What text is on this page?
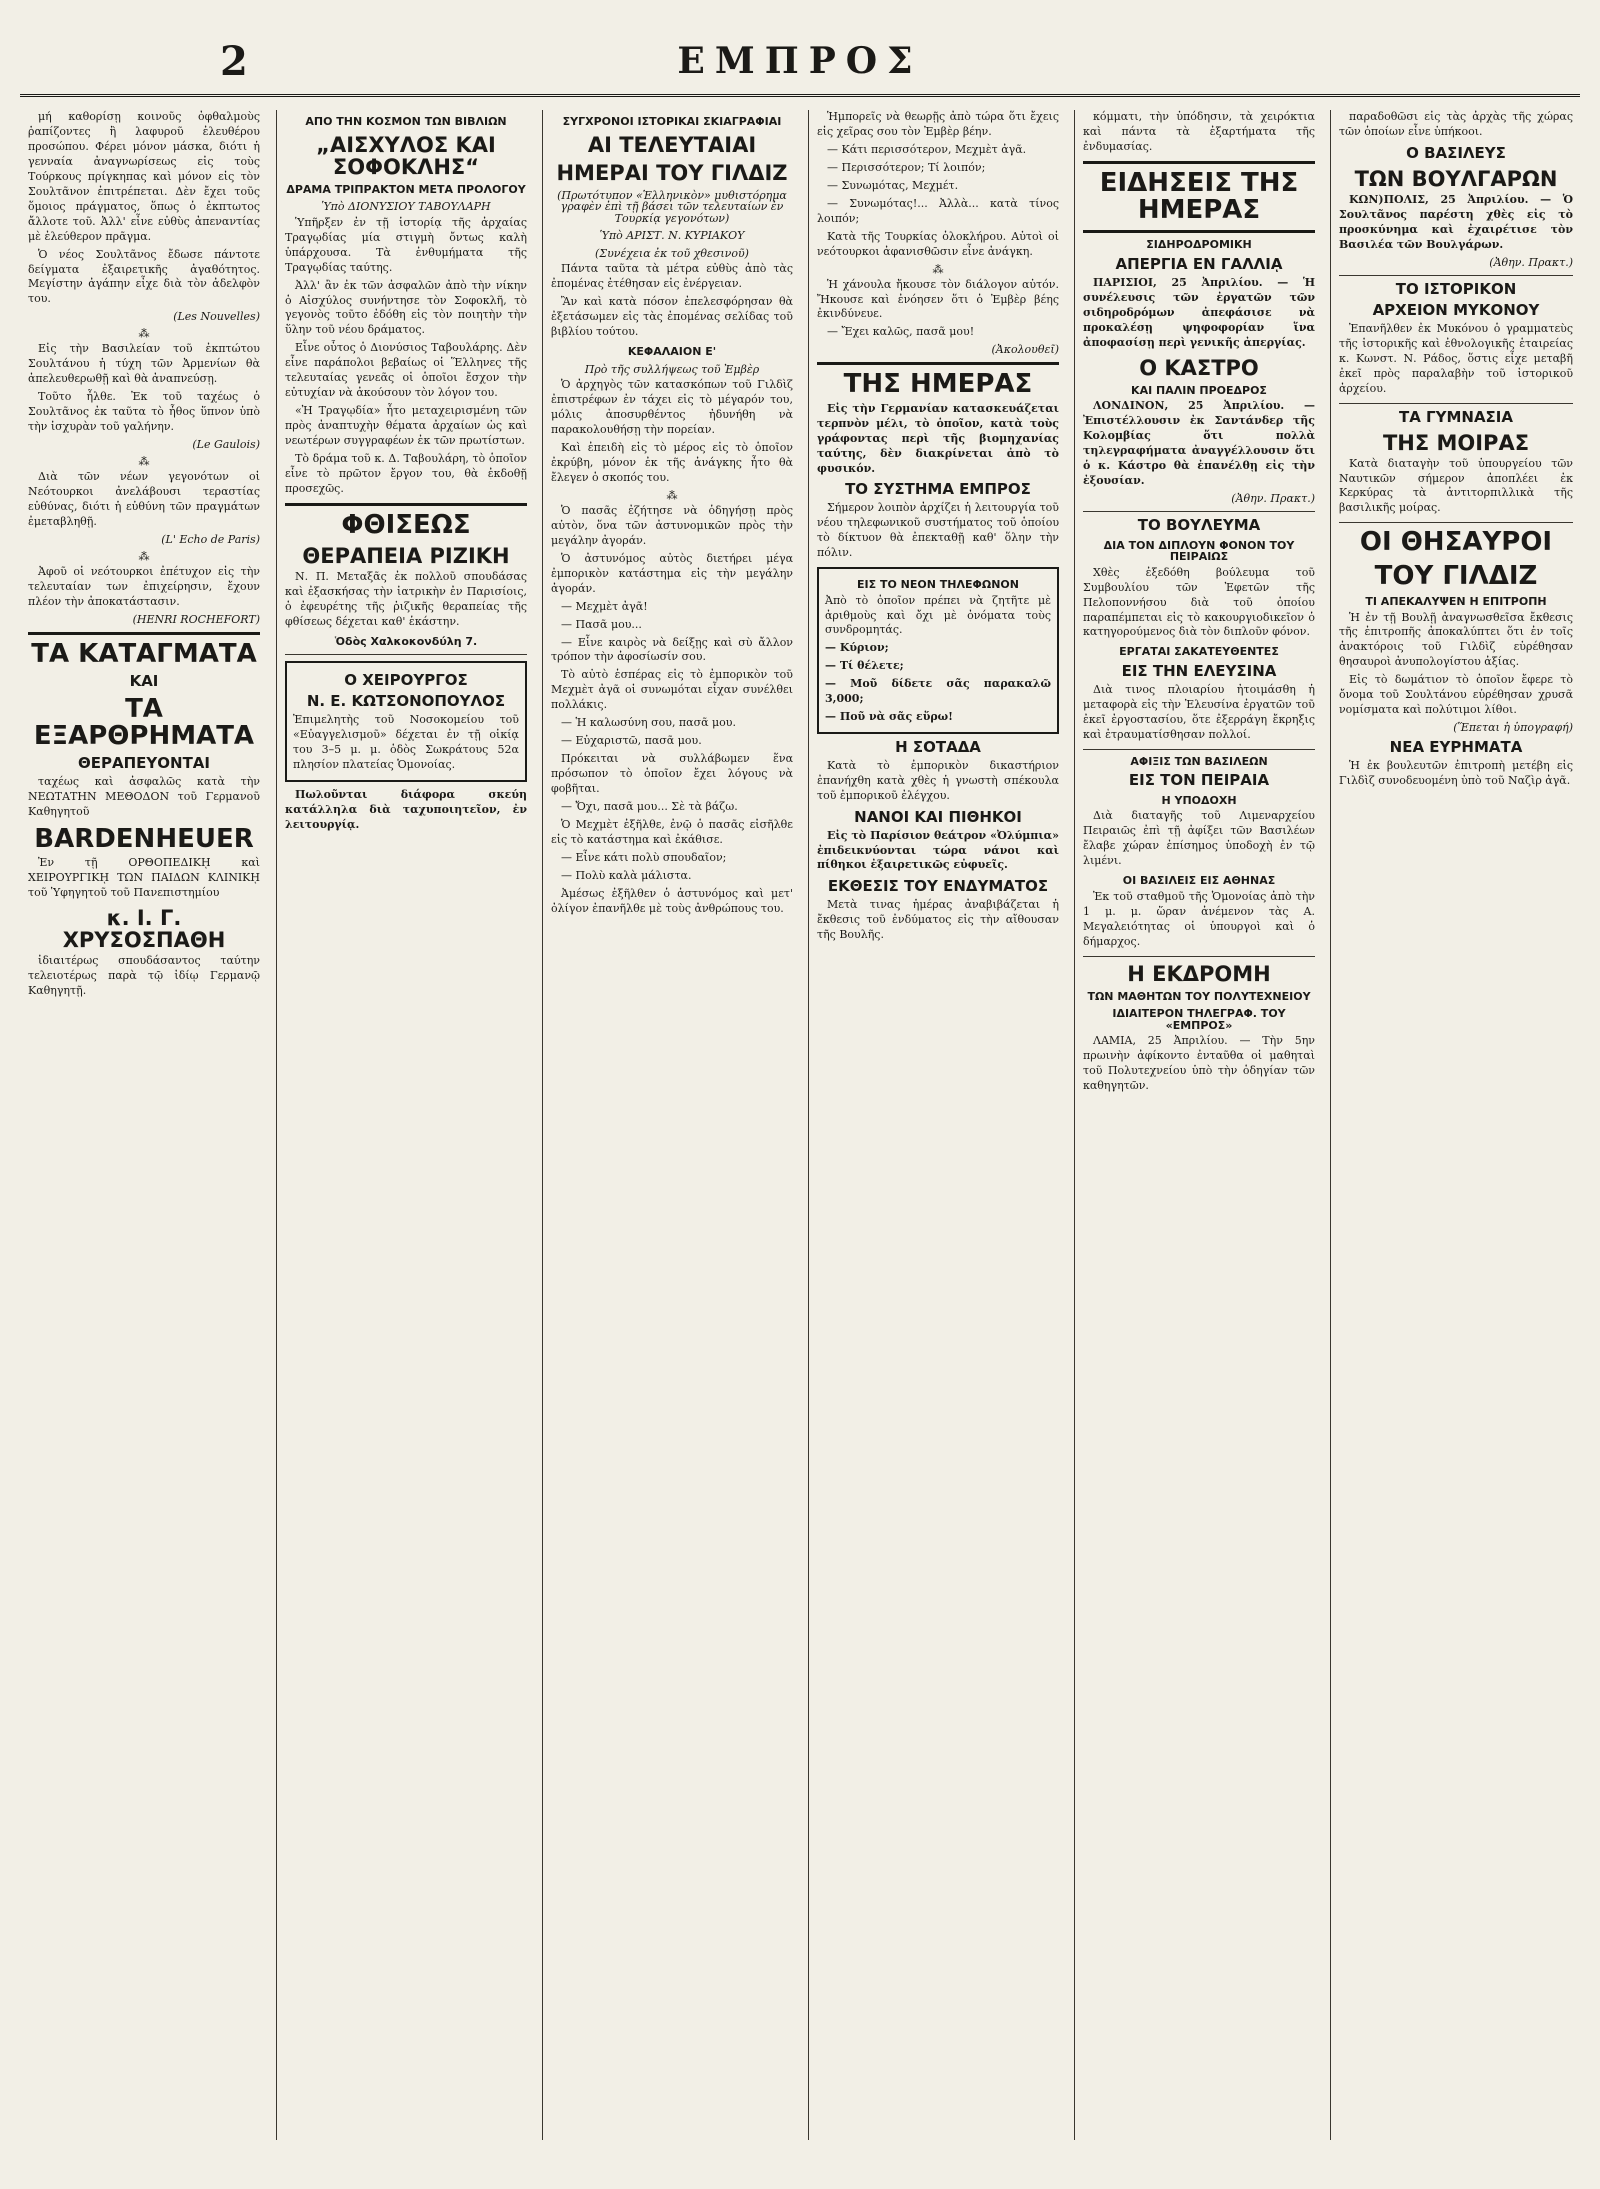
2	ΕΜΠΡΟΣ

μή καθορίσῃ κοινοῦς ὀφθαλμοὺς ῥαπίζοντες ἢ λαφυροῦ ἐλευθέρου προσώπου. Φέρει μόνον μάσκα, διότι ἡ γενναία ἀναγνωρίσεως εἰς τοὺς Τούρκους πρίγκηπας καὶ μόνον εἰς τὸν Σουλτᾶνον ἐπιτρέπεται. Δὲν ἔχει τοῦς ὅμοιος πράγματος, ὅπως ὁ ἐκπτωτος ἄλλοτε τοῦ. Ἀλλ' εἶνε εὐθὺς ἀπεναντίας μὲ ἐλεύθερον πρᾶγμα.

Ὁ νέος Σουλτᾶνος ἔδωσε πάντοτε δείγματα ἐξαιρετικῆς ἀγαθότητος. Μεγίστην ἀγάπην εἶχε διὰ τὸν ἀδελφὸν του.

(Les Nouvelles)
⁂

Εἰς τὴν Βασιλείαν τοῦ ἐκπτώτου Σουλτάνου ἡ τύχη τῶν Ἀρμενίων θὰ ἀπελευθερωθῇ καὶ θὰ ἀναπνεύσῃ.

Τοῦτο ἦλθε. Ἐκ τοῦ ταχέως ὁ Σουλτᾶνος ἐκ ταῦτα τὸ ἦθος ὕπνον ὑπὸ τὴν ἰσχυρὰν τοῦ γαλήνην.

(Le Gaulois)
⁂

Διὰ τῶν νέων γεγονότων οἱ Νεότουρκοι ἀνελάβουσι τεραστίας εὐθύνας, διότι ἡ εὐθύνη τῶν πραγμάτων ἐμεταβληθῇ.

(L' Echo de Paris)
⁂

Ἀφοῦ οἱ νεότουρκοι ἐπέτυχον εἰς τὴν τελευταίαν των ἐπιχείρησιν, ἔχουν πλέον τὴν ἀποκατάστασιν.

(HENRI ROCHEFORT)
ΤΑ ΚΑΤΑΓΜΑΤΑ
ΚΑΙ
ΤΑ ΕΞΑΡΘΡΗΜΑΤΑ
ΘΕΡΑΠΕΥΟΝΤΑΙ

ταχέως καὶ ἀσφαλῶς κατὰ τὴν ΝΕΩΤΑΤΗΝ ΜΕΘΟΔΟΝ τοῦ Γερμανοῦ Καθηγητοῦ

BARDENHEUER

Ἐν τῇ ΟΡΘΟΠΕΔΙΚῌ καὶ ΧΕΙΡΟΥΡΓΙΚῌ ΤΩΝ ΠΑΙΔΩΝ ΚΛΙΝΙΚῌ τοῦ Ὑφηγητοῦ τοῦ Πανεπιστημίου

κ. Ι. Γ. ΧΡΥΣΟΣΠΑΘΗ

ἰδιαιτέρως σπουδάσαντος ταύτην τελειοτέρως παρὰ τῷ ἰδίῳ Γερμανῷ Καθηγητῇ.

ΑΠΟ ΤΗΝ ΚΟΣΜΟΝ ΤΩΝ ΒΙΒΛΙΩΝ
„ΑΙΣΧΥΛΟΣ ΚΑΙ ΣΟΦΟΚΛΗΣ“
ΔΡΑΜΑ ΤΡΙΠΡΑΚΤΟΝ ΜΕΤΑ ΠΡΟΛΟΓΟΥ
Ὑπὸ ΔΙΟΝΥΣΙΟΥ ΤΑΒΟΥΛΑΡΗ

Ὑπῆρξεν ἐν τῇ ἱστορίᾳ τῆς ἀρχαίας Τραγῳδίας μία στιγμὴ ὄντως καλὴ ὑπάρχουσα. Τὰ ἐνθυμήματα τῆς Τραγῳδίας ταύτης.

Ἀλλ' ἂν ἐκ τῶν ἀσφαλῶν ἀπὸ τὴν νίκην ὁ Αἰσχύλος συνήντησε τὸν Σοφοκλῆ, τὸ γεγονὸς τοῦτο ἐδόθη εἰς τὸν ποιητὴν τὴν ὕλην τοῦ νέου δράματος.

Εἶνε οὗτος ὁ Διονύσιος Ταβουλάρης. Δὲν εἶνε παράπολοι βεβαίως οἱ Ἕλληνες τῆς τελευταίας γενεᾶς οἱ ὁποῖοι ἔσχον τὴν εὐτυχίαν νὰ ἀκούσουν τὸν λόγον του.

«Ἡ Τραγῳδία» ἦτο μεταχειρισμένη τῶν πρὸς ἀναπτυχὴν θέματα ἀρχαίων ὡς καὶ νεωτέρων συγγραφέων ἐκ τῶν πρωτίστων.

Τὸ δράμα τοῦ κ. Δ. Ταβουλάρη, τὸ ὁποῖον εἶνε τὸ πρῶτον ἔργον του, θὰ ἐκδοθῇ προσεχῶς.

ΦΘΙΣΕΩΣ
ΘΕΡΑΠΕΙΑ ΡΙΖΙΚΗ

Ν. Π. Μεταξᾶς ἐκ πολλοῦ σπουδάσας καὶ ἐξασκήσας τὴν ἰατρικὴν ἐν Παρισίοις, ὁ ἐφευρέτης τῆς ῥιζικῆς θεραπείας τῆς φθίσεως δέχεται καθ' ἑκάστην.

Ὁδὸς Χαλκοκονδύλη 7.
Ο ΧΕΙΡΟΥΡΓΟΣ
Ν. Ε. ΚΩΤΣΟΝΟΠΟΥΛΟΣ

Ἐπιμελητὴς τοῦ Νοσοκομείου τοῦ «Εὐαγγελισμοῦ» δέχεται ἐν τῇ οἰκίᾳ του 3–5 μ. μ. ὁδὸς Σωκράτους 52α πλησίον πλατείας Ὁμονοίας.

Πωλοῦνται διάφορα σκεύη κατάλληλα διὰ ταχυποιητεῖον, ἐν λειτουργίᾳ.

ΣΥΓΧΡΟΝΟΙ ΙΣΤΟΡΙΚΑΙ ΣΚΙΑΓΡΑΦΙΑΙ
ΑΙ ΤΕΛΕΥΤΑΙΑΙ
ΗΜΕΡΑΙ ΤΟΥ ΓΙΛΔΙΖ
(Πρωτότυπον «Ἑλληνικὸν» μυθιστόρημα γραφὲν ἐπὶ τῇ βάσει τῶν τελευταίων ἐν Τουρκίᾳ γεγονότων)
Ὑπὸ ΑΡΙΣΤ. Ν. ΚΥΡΙΑΚΟΥ
(Συνέχεια ἐκ τοῦ χθεσινοῦ)

Πάντα ταῦτα τὰ μέτρα εὐθὺς ἀπὸ τὰς ἐπομένας ἐτέθησαν εἰς ἐνέργειαν.

Ἂν καὶ κατὰ πόσον ἐπελεσφόρησαν θὰ ἐξετάσωμεν εἰς τὰς ἐπομένας σελίδας τοῦ βιβλίου τούτου.

ΚΕΦΑΛΑΙΟΝ Ε'
Πρὸ τῆς συλλήψεως τοῦ Ἐμβὲρ

Ὁ ἀρχηγὸς τῶν κατασκόπων τοῦ Γιλδὶζ ἐπιστρέφων ἐν τάχει εἰς τὸ μέγαρόν του, μόλις ἀποσυρθέντος ἠδυνήθη νὰ παρακολουθήσῃ τὴν πορείαν.

Καὶ ἐπειδὴ εἰς τὸ μέρος εἰς τὸ ὁποῖον ἐκρύβη, μόνον ἐκ τῆς ἀνάγκης ἦτο θὰ ἔλεγεν ὁ σκοπός του.

⁂

Ὁ πασᾶς ἐζήτησε νὰ ὁδηγήσῃ πρὸς αὐτὸν, ὅνα τῶν ἀστυνομικῶν πρὸς τὴν μεγάλην ἀγοράν.

Ὁ ἀστυνόμος αὐτὸς διετήρει μέγα ἐμπορικὸν κατάστημα εἰς τὴν μεγάλην ἀγοράν.

— Μεχμὲτ ἀγᾶ!

— Πασᾶ μου...

— Εἶνε καιρὸς νὰ δείξῃς καὶ σὺ ἄλλον τρόπον τὴν ἀφοσίωσίν σου.

Τὸ αὐτὸ ἑσπέρας εἰς τὸ ἐμπορικὸν τοῦ Μεχμὲτ ἀγᾶ οἱ συνωμόται εἶχαν συνέλθει πολλάκις.

— Ἡ καλωσύνη σου, πασᾶ μου.

— Εὐχαριστῶ, πασᾶ μου.

Πρόκειται νὰ συλλάβωμεν ἕνα πρόσωπον τὸ ὁποῖον ἔχει λόγους νὰ φοβῆται.

— Ὄχι, πασᾶ μου... Σὲ τὰ βάζω.

Ὁ Μεχμὲτ ἐξῆλθε, ἐνῷ ὁ πασᾶς εἰσῆλθε εἰς τὸ κατάστημα καὶ ἐκάθισε.

— Εἶνε κάτι πολὺ σπουδαῖον;

— Πολὺ καλὰ μάλιστα.

Ἀμέσως ἐξῆλθεν ὁ ἀστυνόμος καὶ μετ' ὀλίγον ἐπανῆλθε μὲ τοὺς ἀνθρώπους του.

Ἡμπορεῖς νὰ θεωρῇς ἀπὸ τώρα ὅτι ἔχεις εἰς χεῖρας σου τὸν Ἐμβὲρ βέην.

— Κάτι περισσότερον, Μεχμὲτ ἀγᾶ.

— Περισσότερον; Τί λοιπόν;

— Συνωμότας, Μεχμέτ.

— Συνωμότας!... Ἀλλὰ... κατὰ τίνος λοιπόν;

Κατὰ τῆς Τουρκίας ὁλοκλήρου. Αὐτοὶ οἱ νεότουρκοι ἀφανισθῶσιν εἶνε ἀνάγκη.

⁂

Ἡ χάνουλα ἤκουσε τὸν διάλογον αὐτόν. Ἤκουσε καὶ ἐνόησεν ὅτι ὁ Ἐμβὲρ βέης ἐκινδύνευε.

— Ἔχει καλῶς, πασᾶ μου!

(Ἀκολουθεῖ)
ΤΗΣ ΗΜΕΡΑΣ

Εἰς τὴν Γερμανίαν κατασκευάζεται τερπνὸν μέλι, τὸ ὁποῖον, κατὰ τοὺς γράφοντας περὶ τῆς βιομηχανίας ταύτης, δὲν διακρίνεται ἀπὸ τὸ φυσικόν.

ΤΟ ΣΥΣΤΗΜΑ ΕΜΠΡΟΣ

Σήμερον λοιπὸν ἀρχίζει ἡ λειτουργία τοῦ νέου τηλεφωνικοῦ συστήματος τοῦ ὁποίου τὸ δίκτυον θὰ ἐπεκταθῇ καθ' ὅλην τὴν πόλιν.

ΕΙΣ ΤΟ ΝΕΟΝ ΤΗΛΕΦΩΝΟΝ

Ἀπὸ τὸ ὁποῖον πρέπει νὰ ζητῆτε μὲ ἀριθμοὺς καὶ ὄχι μὲ ὀνόματα τοὺς συνδρομητάς.

— Κύριον;

— Τί θέλετε;

— Μοῦ δίδετε σᾶς παρακαλῶ 3,000;

— Ποῦ νὰ σᾶς εὕρω!

Η ΣΟΤΑΔΑ

Κατὰ τὸ ἐμπορικὸν δικαστήριον ἐπανήχθη κατὰ χθὲς ἡ γνωστὴ σπέκουλα τοῦ ἐμπορικοῦ ἐλέγχου.

ΝΑΝΟΙ ΚΑΙ ΠΙΘΗΚΟΙ

Εἰς τὸ Παρίσιον θεάτρον «Ὀλύμπια» ἐπιδεικνύονται τώρα νάνοι καὶ πίθηκοι ἐξαιρετικῶς εὐφυεῖς.

ΕΚΘΕΣΙΣ ΤΟΥ ΕΝΔΥΜΑΤΟΣ

Μετὰ τινας ἡμέρας ἀναβιβάζεται ἡ ἔκθεσις τοῦ ἐνδύματος εἰς τὴν αἴθουσαν τῆς Βουλῆς.

κόμματι, τὴν ὑπόδησιν, τὰ χειρόκτια καὶ πάντα τὰ ἐξαρτήματα τῆς ἐνδυμασίας.

ΕΙΔΗΣΕΙΣ ΤΗΣ ΗΜΕΡΑΣ
ΣΙΔΗΡΟΔΡΟΜΙΚΗ
ΑΠΕΡΓΙΑ ΕΝ ΓΑΛΛΙᾼ

ΠΑΡΙΣΙΟΙ, 25 Ἀπριλίου. — Ἡ συνέλευσις τῶν ἐργατῶν τῶν σιδηροδρόμων ἀπεφάσισε νὰ προκαλέσῃ ψηφοφορίαν ἵνα ἀποφασίσῃ περὶ γενικῆς ἀπεργίας.

Ο ΚΑΣΤΡΟ
ΚΑΙ ΠΑΛΙΝ ΠΡΟΕΔΡΟΣ

ΛΟΝΔΙΝΟΝ, 25 Ἀπριλίου. — Ἐπιστέλλουσιν ἐκ Σαντάνδερ τῆς Κολομβίας ὅτι πολλὰ τηλεγραφήματα ἀναγγέλλουσιν ὅτι ὁ κ. Κάστρο θὰ ἐπανέλθῃ εἰς τὴν ἐξουσίαν.

(Ἀθην. Πρακτ.)
ΤΟ ΒΟΥΛΕΥΜΑ
ΔΙΑ ΤΟΝ ΔΙΠΛΟΥΝ ΦΟΝΟΝ ΤΟΥ ΠΕΙΡΑΙΩΣ

Χθὲς ἐξεδόθη βούλευμα τοῦ Συμβουλίου τῶν Ἐφετῶν τῆς Πελοποννήσου διὰ τοῦ ὁποίου παραπέμπεται εἰς τὸ κακουργιοδικεῖον ὁ κατηγορούμενος διὰ τὸν διπλοῦν φόνον.

ΕΡΓΑΤΑΙ ΣΑΚΑΤΕΥΘΕΝΤΕΣ
ΕΙΣ ΤΗΝ ΕΛΕΥΣΙΝΑ

Διὰ τινος πλοιαρίου ἠτοιμάσθη ἡ μεταφορὰ εἰς τὴν Ἐλευσίνα ἐργατῶν τοῦ ἐκεῖ ἐργοστασίου, ὅτε ἐξερράγη ἔκρηξις καὶ ἐτραυματίσθησαν πολλοί.

ΑΦΙΞΙΣ ΤΩΝ ΒΑΣΙΛΕΩΝ
ΕΙΣ ΤΟΝ ΠΕΙΡΑΙΑ
Η ΥΠΟΔΟΧΗ

Διὰ διαταγῆς τοῦ Λιμεναρχείου Πειραιῶς ἐπὶ τῇ ἀφίξει τῶν Βασιλέων ἔλαβε χώραν ἐπίσημος ὑποδοχὴ ἐν τῷ λιμένι.

ΟΙ ΒΑΣΙΛΕΙΣ ΕΙΣ ΑΘΗΝΑΣ

Ἐκ τοῦ σταθμοῦ τῆς Ὁμονοίας ἀπὸ τὴν 1 μ. μ. ὥραν ἀνέμενον τὰς Α. Μεγαλειότητας οἱ ὑπουργοὶ καὶ ὁ δήμαρχος.

Η ΕΚΔΡΟΜΗ
ΤΩΝ ΜΑΘΗΤΩΝ ΤΟΥ ΠΟΛΥΤΕΧΝΕΙΟΥ
ΙΔΙΑΙΤΕΡΟΝ ΤΗΛΕΓΡΑΦ. ΤΟΥ «ΕΜΠΡΟΣ»

ΛΑΜΙΑ, 25 Ἀπριλίου. — Τὴν 5ην πρωινὴν ἀφίκοντο ἐνταῦθα οἱ μαθηταὶ τοῦ Πολυτεχνείου ὑπὸ τὴν ὁδηγίαν τῶν καθηγητῶν.

παραδοθῶσι εἰς τὰς ἀρχὰς τῆς χώρας τῶν ὁποίων εἶνε ὑπήκοοι.

Ο ΒΑΣΙΛΕΥΣ
ΤΩΝ ΒΟΥΛΓΑΡΩΝ

ΚΩΝ)ΠΟΛΙΣ, 25 Ἀπριλίου. — Ὁ Σουλτᾶνος παρέστη χθὲς εἰς τὸ προσκύνημα καὶ ἐχαιρέτισε τὸν Βασιλέα τῶν Βουλγάρων.

(Ἀθην. Πρακτ.)
ΤΟ ΙΣΤΟΡΙΚΟΝ
ΑΡΧΕΙΟΝ ΜΥΚΟΝΟΥ

Ἐπανῆλθεν ἐκ Μυκόνου ὁ γραμματεὺς τῆς ἱστορικῆς καὶ ἐθνολογικῆς ἑταιρείας κ. Κωνστ. Ν. Ράδος, ὅστις εἶχε μεταβῆ ἐκεῖ πρὸς παραλαβὴν τοῦ ἱστορικοῦ ἀρχείου.

ΤΑ ΓΥΜΝΑΣΙΑ
ΤΗΣ ΜΟΙΡΑΣ

Κατὰ διαταγὴν τοῦ ὑπουργείου τῶν Ναυτικῶν σήμερον ἀποπλέει ἐκ Κερκύρας τὰ ἀντιτορπιλλικὰ τῆς βασιλικῆς μοίρας.

ΟΙ ΘΗΣΑΥΡΟΙ
ΤΟΥ ΓΙΛΔΙΖ
ΤΙ ΑΠΕΚΑΛΥΨΕΝ Η ΕΠΙΤΡΟΠΗ

Ἡ ἐν τῇ Βουλῇ ἀναγνωσθεῖσα ἔκθεσις τῆς ἐπιτροπῆς ἀποκαλύπτει ὅτι ἐν τοῖς ἀνακτόροις τοῦ Γιλδὶζ εὑρέθησαν θησαυροὶ ἀνυπολογίστου ἀξίας.

Εἰς τὸ δωμάτιον τὸ ὁποῖον ἔφερε τὸ ὄνομα τοῦ Σουλτάνου εὑρέθησαν χρυσᾶ νομίσματα καὶ πολύτιμοι λίθοι.

(Ἕπεται ἡ ὑπογραφή)
ΝΕΑ ΕΥΡΗΜΑΤΑ

Ἡ ἐκ βουλευτῶν ἐπιτροπὴ μετέβη εἰς Γιλδὶζ συνοδευομένη ὑπὸ τοῦ Ναζὶρ ἀγᾶ.
